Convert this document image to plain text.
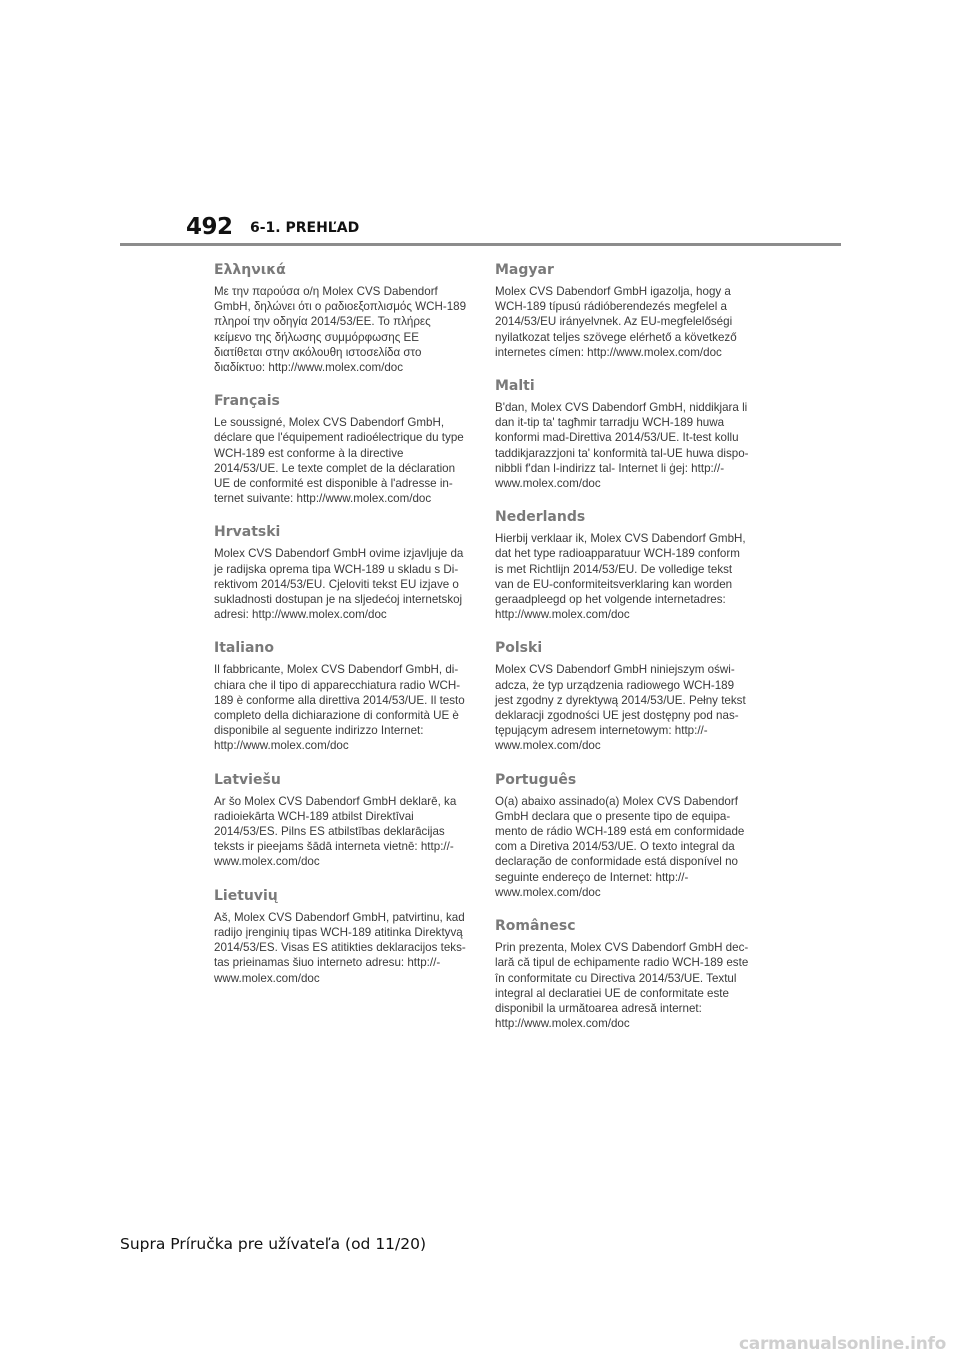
492 6-1. PREHĽAD
Ελληνικά

Με την παρούσα ο/η Molex CVS Dabendorf GmbH, δηλώνει ότι ο ραδιοεξοπλισμός WCH-189 πληροί την οδηγία 2014/53/ΕΕ. Το πλήρες κείμενο της δήλωσης συμμόρφωσης ΕΕ διατίθεται στην ακόλουθη ιστοσελίδα στο διαδίκτυο: http://www.molex.com/doc

Français

Le soussigné, Molex CVS Dabendorf GmbH, déclare que l'équipement radioélectrique du type WCH-189 est conforme à la directive 2014/53/UE. Le texte complet de la déclaration UE de conformité est disponible à l'adresse internet suivante: http://www.molex.com/doc

Hrvatski

Molex CVS Dabendorf GmbH ovime izjavljuje da je radijska oprema tipa WCH-189 u skladu s Direktivom 2014/53/EU. Cjeloviti tekst EU izjave o sukladnosti dostupan je na sljedećoj internetskoj adresi: http://www.molex.com/doc

Italiano

Il fabbricante, Molex CVS Dabendorf GmbH, dichiara che il tipo di apparecchiatura radio WCH-189 è conforme alla direttiva 2014/53/UE. Il testo completo della dichiarazione di conformità UE è disponibile al seguente indirizzo Internet: http://www.molex.com/doc

Latviešu

Ar šo Molex CVS Dabendorf GmbH deklarē, ka radioiekārta WCH-189 atbilst Direktīvai 2014/53/ES. Pilns ES atbilstības deklarācijas teksts ir pieejams šādā interneta vietnē: http://www.molex.com/doc

Lietuvių

Aš, Molex CVS Dabendorf GmbH, patvirtinu, kad radijo įrenginių tipas WCH-189 atitinka Direktyvą 2014/53/ES. Visas ES atitikties deklaracijos tekstas prieinamas šiuo interneto adresu: http://www.molex.com/doc

Magyar

Molex CVS Dabendorf GmbH igazolja, hogy a WCH-189 típusú rádióberendezés megfelel a 2014/53/EU irányelvnek. Az EU-megfelelőségi nyilatkozat teljes szövege elérhető a következő internetes címen: http://www.molex.com/doc

Malti

B'dan, Molex CVS Dabendorf GmbH, niddikjara li dan it-tip ta' tagħmir tarradju WCH-189 huwa konformi mad-Direttiva 2014/53/UE. It-test kollu taddikjarazzjoni ta' konformità tal-UE huwa disponibbli f'dan l-indirizz tal- Internet li ġej: http://www.molex.com/doc

Nederlands

Hierbij verklaar ik, Molex CVS Dabendorf GmbH, dat het type radioapparatuur WCH-189 conform is met Richtlijn 2014/53/EU. De volledige tekst van de EU-conformiteitsverklaring kan worden geraadpleegd op het volgende internetadres: http://www.molex.com/doc

Polski

Molex CVS Dabendorf GmbH niniejszym oświadcza, że typ urządzenia radiowego WCH-189 jest zgodny z dyrektywą 2014/53/UE. Pełny tekst deklaracji zgodności UE jest dostępny pod następującym adresem internetowym: http://www.molex.com/doc

Português

O(a) abaixo assinado(a) Molex CVS Dabendorf GmbH declara que o presente tipo de equipamento de rádio WCH-189 está em conformidade com a Diretiva 2014/53/UE. O texto integral da declaração de conformidade está disponível no seguinte endereço de Internet: http://www.molex.com/doc

Românesc

Prin prezenta, Molex CVS Dabendorf GmbH declară că tipul de echipamente radio WCH-189 este în conformitate cu Directiva 2014/53/UE. Textul integral al declaratiei UE de conformitate este disponibil la următoarea adresă internet: http://www.molex.com/doc

Supra Príručka pre užívateľa (od 11/20)
carmanualsonline.info
